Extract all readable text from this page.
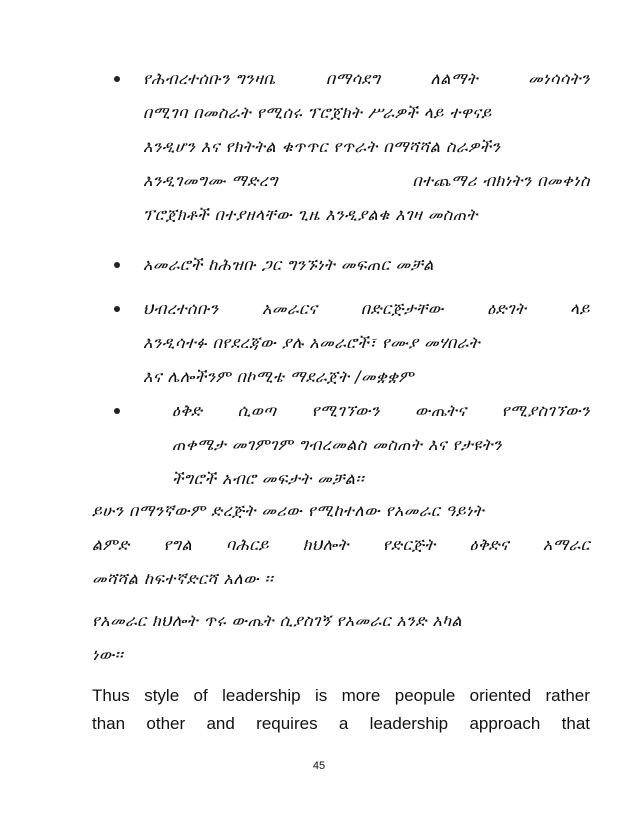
የሕብረተሰቡን ግንዛቤ	በማሳደግ	ለልማት	መነሳሳትን
በሚገባ በመስራት የሚሰሩ ፕሮጀክት ሥራዎች ላይ ተዋናይ
እንዲሆን እና የክትትል ቁጥጥር የጥራት በማሻሻል ስራዎችን
እንዲገመግሙ ማድረግ	በተጨማሪ ብክነትን በመቀነስ
ፕሮጀክቶች በተያዘላቸው ጊዜ እንዲያልቁ እገዛ መስጠት
አመራሮች ከሕዝቡ ጋር ግንኙነት መፍጠር መቻል
ህብረተሰቡን	አመራርና	በድርጅታቸው	ዕድገት	ላይ
እንዲሳተፉ በየደረጃው ያሉ አመራሮች፣ የሙያ መሃበራት
እና ሌሎችንም በኮሚቴ ማደራጀት /መቋቋም
ዕቅድ ሲወጣ የሚገኘውን ውጤትና የሚያስገኘውን
ጠቀሜታ መገምገም ግብረመልስ መስጠት እና የታዩትን
ችግሮች አብሮ መፍታት መቻል፡፡
ይሁን በማንኛውም ድረጅት መሪው የሚከተለው የአመራር ዓይነት
ልምድ የግል ባሕርይ ክህሎት የድርጅት ዕቅድና አማራር
መሻሻል ከፍተኛድርሻ አለው ፡፡
የአመራር ክህሎት ጥሩ ውጤት ሲያስገኝ የአመራር አንድ አካል
ነው፡፡
Thus style of leadership is more peopule oriented rather
than other and requires a leadership approach that
45
